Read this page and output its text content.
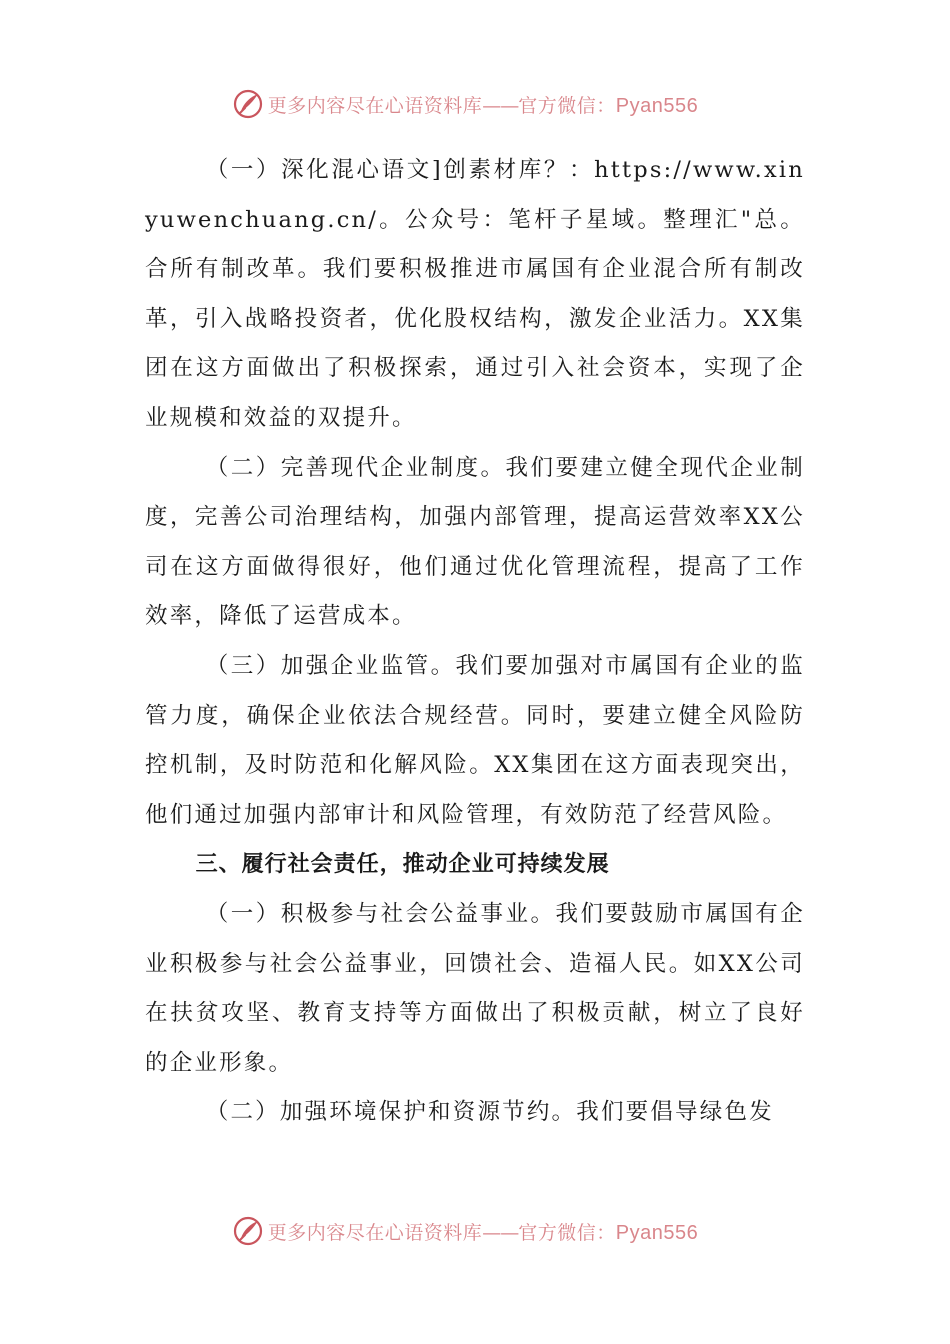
更多内容尽在心语资料库——官方微信：Pyan556

（一）深化混心语文]创素材库？：https://www.xinyuwenchuang.cn/。公众号：笔杆子星域。整理汇"总。合所有制改革。我们要积极推进市属国有企业混合所有制改革，引入战略投资者，优化股权结构，激发企业活力。XX集团在这方面做出了积极探索，通过引入社会资本，实现了企业规模和效益的双提升。

（二）完善现代企业制度。我们要建立健全现代企业制度，完善公司治理结构，加强内部管理，提高运营效率XX公司在这方面做得很好，他们通过优化管理流程，提高了工作效率，降低了运营成本。

（三）加强企业监管。我们要加强对市属国有企业的监管力度，确保企业依法合规经营。同时，要建立健全风险防控机制，及时防范和化解风险。XX集团在这方面表现突出，他们通过加强内部审计和风险管理，有效防范了经营风险。

三、履行社会责任，推动企业可持续发展

（一）积极参与社会公益事业。我们要鼓励市属国有企业积极参与社会公益事业，回馈社会、造福人民。如XX公司在扶贫攻坚、教育支持等方面做出了积极贡献，树立了良好的企业形象。

（二）加强环境保护和资源节约。我们要倡导绿色发

更多内容尽在心语资料库——官方微信：Pyan556
